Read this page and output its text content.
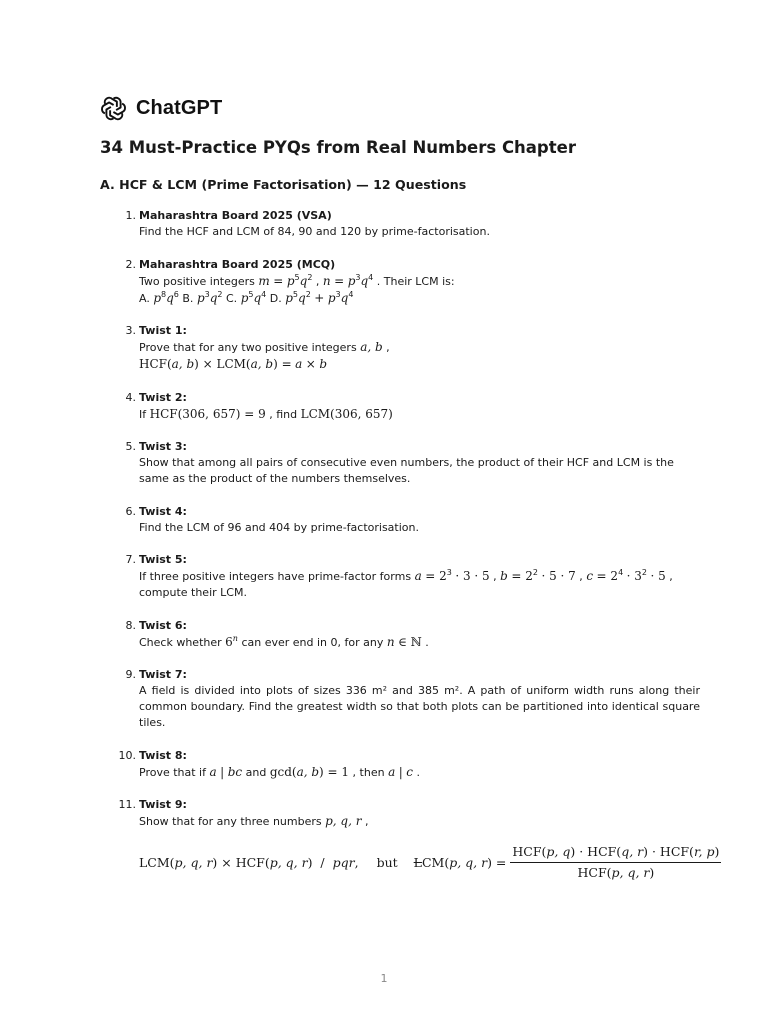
ChatGPT
34 Must-Practice PYQs from Real Numbers Chapter
A. HCF & LCM (Prime Factorisation) — 12 Questions
1. Maharashtra Board 2025 (VSA)
Find the HCF and LCM of 84, 90 and 120 by prime-factorisation.
2. Maharashtra Board 2025 (MCQ)
Two positive integers $m = p^5q^2$ , $n = p^3q^4$ . Their LCM is:
A. $p^8q^6$ B. $p^3q^2$ C. $p^5q^4$ D. $p^5q^2 + p^3q^4$
3. Twist 1:
Prove that for any two positive integers a, b ,
HCF(a, b) × LCM(a, b) = a × b
4. Twist 2:
If HCF(306, 657) = 9 , find LCM(306, 657)
5. Twist 3:
Show that among all pairs of consecutive even numbers, the product of their HCF and LCM is the same as the product of the numbers themselves.
6. Twist 4:
Find the LCM of 96 and 404 by prime-factorisation.
7. Twist 5:
If three positive integers have prime-factor forms $a = 2^3 \cdot 3 \cdot 5$ , $b = 2^2 \cdot 5 \cdot 7$ , $c = 2^4 \cdot 3^2 \cdot 5$ ,
compute their LCM.
8. Twist 6:
Check whether 6$^n$ can ever end in 0, for any n ∈ ℕ .
9. Twist 7:
A field is divided into plots of sizes 336 m² and 385 m². A path of uniform width runs along their common boundary. Find the greatest width so that both plots can be partitioned into identical square tiles.
10. Twist 8:
Prove that if a | bc and gcd(a, b) = 1 , then a | c .
11. Twist 9:
Show that for any three numbers p, q, r ,
LCM(p, q, r) × HCF(p, q, r)  /  pqr, but LCM(p, q, $r) = \frac{\text{HCF(p, q) · HCF(q, r) · HCF(r, p)}}{\text{HCF(p, q, r)}}$
1
